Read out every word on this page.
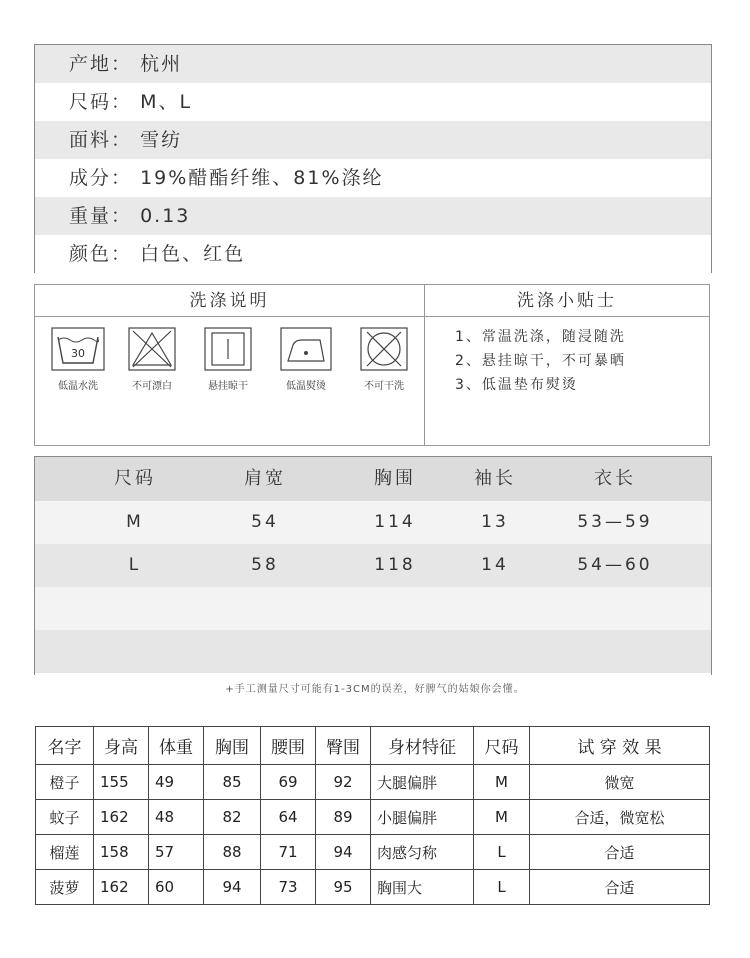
产地： 杭州
尺码： M、L
面料： 雪纺
成分： 19%醋酯纤维、81%涤纶
重量： 0.13
颜色： 白色、红色
洗涤说明	洗涤小贴士
30
低温水洗	不可漂白	悬挂晾干	低温熨烫	不可干洗
1、常温洗涤，随浸随洗
2、悬挂晾干，不可暴晒
3、低温垫布熨烫
尺码	肩宽	胸围	袖长	衣长
M	54	114	13	53—59
L	58	118	14	54—60
+手工测量尺寸可能有1-3CM的误差，好脾气的姑娘你会懂。
名字	身高	体重	胸围	腰围	臀围	身材特征	尺码	试 穿 效 果
橙子	155	49	85	69	92	大腿偏胖	M	微宽
蚊子	162	48	82	64	89	小腿偏胖	M	合适，微宽松
榴莲	158	57	88	71	94	肉感匀称	L	合适
菠萝	162	60	94	73	95	胸围大	L	合适
